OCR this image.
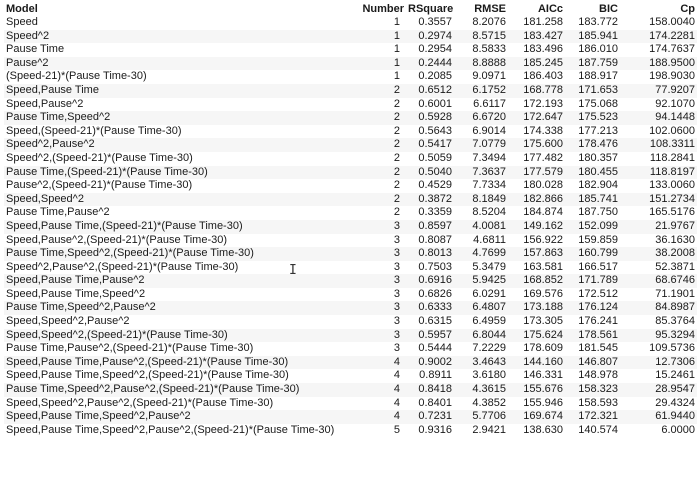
Model	Number	RSquare	RMSE	AICc	BIC	Cp
Speed	1	0.3557	8.2076	181.258	183.772	158.0040
Speed^2	1	0.2974	8.5715	183.427	185.941	174.2281
Pause Time	1	0.2954	8.5833	183.496	186.010	174.7637
Pause^2	1	0.2444	8.8888	185.245	187.759	188.9500
(Speed-21)*(Pause Time-30)	1	0.2085	9.0971	186.403	188.917	198.9030
Speed,Pause Time	2	0.6512	6.1752	168.778	171.653	77.9207
Speed,Pause^2	2	0.6001	6.6117	172.193	175.068	92.1070
Pause Time,Speed^2	2	0.5928	6.6720	172.647	175.523	94.1448
Speed,(Speed-21)*(Pause Time-30)	2	0.5643	6.9014	174.338	177.213	102.0600
Speed^2,Pause^2	2	0.5417	7.0779	175.600	178.476	108.3311
Speed^2,(Speed-21)*(Pause Time-30)	2	0.5059	7.3494	177.482	180.357	118.2841
Pause Time,(Speed-21)*(Pause Time-30)	2	0.5040	7.3637	177.579	180.455	118.8197
Pause^2,(Speed-21)*(Pause Time-30)	2	0.4529	7.7334	180.028	182.904	133.0060
Speed,Speed^2	2	0.3872	8.1849	182.866	185.741	151.2734
Pause Time,Pause^2	2	0.3359	8.5204	184.874	187.750	165.5176
Speed,Pause Time,(Speed-21)*(Pause Time-30)	3	0.8597	4.0081	149.162	152.099	21.9767
Speed,Pause^2,(Speed-21)*(Pause Time-30)	3	0.8087	4.6811	156.922	159.859	36.1630
Pause Time,Speed^2,(Speed-21)*(Pause Time-30)	3	0.8013	4.7699	157.863	160.799	38.2008
Speed^2,Pause^2,(Speed-21)*(Pause Time-30)	3	0.7503	5.3479	163.581	166.517	52.3871
Speed,Pause Time,Pause^2	3	0.6916	5.9425	168.852	171.789	68.6746
Speed,Pause Time,Speed^2	3	0.6826	6.0291	169.576	172.512	71.1901
Pause Time,Speed^2,Pause^2	3	0.6333	6.4807	173.188	176.124	84.8987
Speed,Speed^2,Pause^2	3	0.6315	6.4959	173.305	176.241	85.3764
Speed,Speed^2,(Speed-21)*(Pause Time-30)	3	0.5957	6.8044	175.624	178.561	95.3294
Pause Time,Pause^2,(Speed-21)*(Pause Time-30)	3	0.5444	7.2229	178.609	181.545	109.5736
Speed,Pause Time,Pause^2,(Speed-21)*(Pause Time-30)	4	0.9002	3.4643	144.160	146.807	12.7306
Speed,Pause Time,Speed^2,(Speed-21)*(Pause Time-30)	4	0.8911	3.6180	146.331	148.978	15.2461
Pause Time,Speed^2,Pause^2,(Speed-21)*(Pause Time-30)	4	0.8418	4.3615	155.676	158.323	28.9547
Speed,Speed^2,Pause^2,(Speed-21)*(Pause Time-30)	4	0.8401	4.3852	155.946	158.593	29.4324
Speed,Pause Time,Speed^2,Pause^2	4	0.7231	5.7706	169.674	172.321	61.9440
Speed,Pause Time,Speed^2,Pause^2,(Speed-21)*(Pause Time-30)	5	0.9316	2.9421	138.630	140.574	6.0000
I
